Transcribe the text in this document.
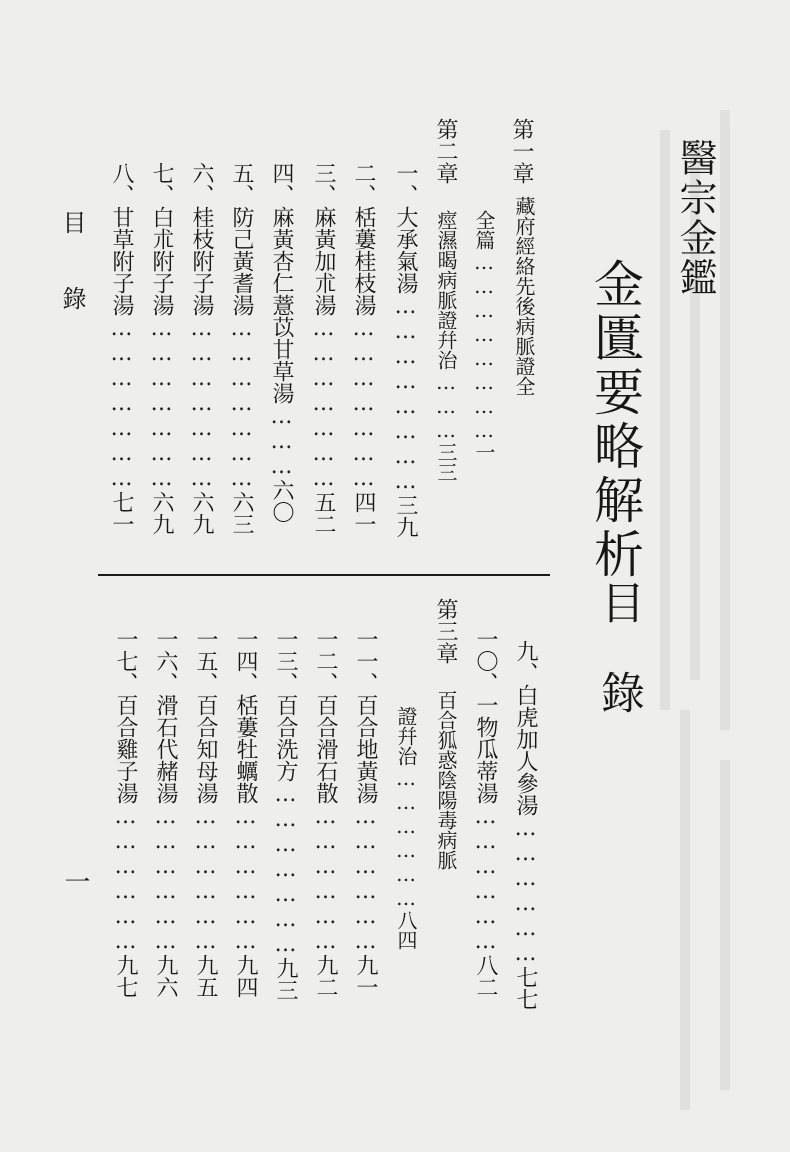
醫宗金鑑
金匱要略解析
目
錄
第一章
藏府經絡先後病脈證全
全篇……………………一
第二章
痙濕暍病脈證幷治………三三
一、大承氣湯……………………三九
二、栝蔞桂枝湯…………………四一
三、麻黃加朮湯…………………五二
四、麻黃杏仁薏苡甘草湯………六〇
五、防己黃耆湯…………………六三
六、桂枝附子湯…………………六九
七、白朮附子湯…………………六九
八、甘草附子湯…………………七一
九、白虎加人參湯………………七七
一〇、一物瓜蒂湯………………八二
第三章
百合狐惑陰陽毒病脈
證幷治………………八四
一一、百合地黃湯………………九一
一二、百合滑石散………………九二
一三、百合洗方…………………九三
一四、栝蔞牡蠣散………………九四
一五、百合知母湯………………九五
一六、滑石代赭湯………………九六
一七、百合雞子湯………………九七
目錄
一
